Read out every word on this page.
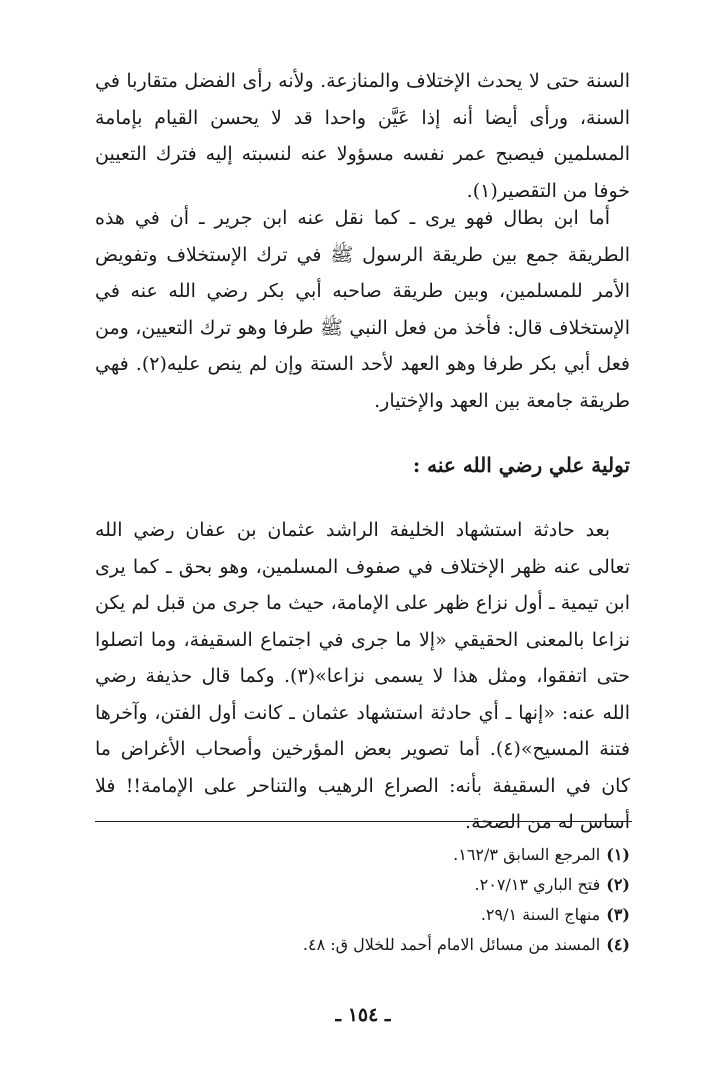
السنة حتى لا يحدث الإختلاف والمنازعة. ولأنه رأى الفضل متقاربا في السنة، ورأى أيضا أنه إذا عَيَّن واحدا قد لا يحسن القيام بإمامة المسلمين فيصبح عمر نفسه مسؤولا عنه لنسبته إليه فترك التعيين خوفا من التقصير(١).

أما ابن بطال فهو يرى ـ كما نقل عنه ابن جرير ـ أن في هذه الطريقة جمع بين طريقة الرسول ﷺ في ترك الإستخلاف وتفويض الأمر للمسلمين، وبين طريقة صاحبه أبي بكر رضي الله عنه في الإستخلاف قال: فأخذ من فعل النبي ﷺ طرفا وهو ترك التعيين، ومن فعل أبي بكر طرفا وهو العهد لأحد الستة وإن لم ينص عليه(٢). فهي طريقة جامعة بين العهد والإختيار.

تولية علي رضي الله عنه :

بعد حادثة استشهاد الخليفة الراشد عثمان بن عفان رضي الله تعالى عنه ظهر الإختلاف في صفوف المسلمين، وهو بحق ـ كما يرى ابن تيمية ـ أول نزاع ظهر على الإمامة، حيث ما جرى من قبل لم يكن نزاعا بالمعنى الحقيقي «إلا ما جرى في اجتماع السقيفة، وما اتصلوا حتى اتفقوا، ومثل هذا لا يسمى نزاعا»(٣). وكما قال حذيفة رضي الله عنه: «إنها ـ أي حادثة استشهاد عثمان ـ كانت أول الفتن، وآخرها فتنة المسيح»(٤). أما تصوير بعض المؤرخين وأصحاب الأغراض ما كان في السقيفة بأنه: الصراع الرهيب والتناحر على الإمامة!! فلا أساس له من الصحة.

(١)المرجع السابق ١٦٢/٣.
(٢)فتح الباري ٢٠٧/١٣.
(٣)منهاج السنة ٢٩/١.
(٤)المسند من مسائل الامام أحمد للخلال ق: ٤٨.
ـ ١٥٤ ـ
